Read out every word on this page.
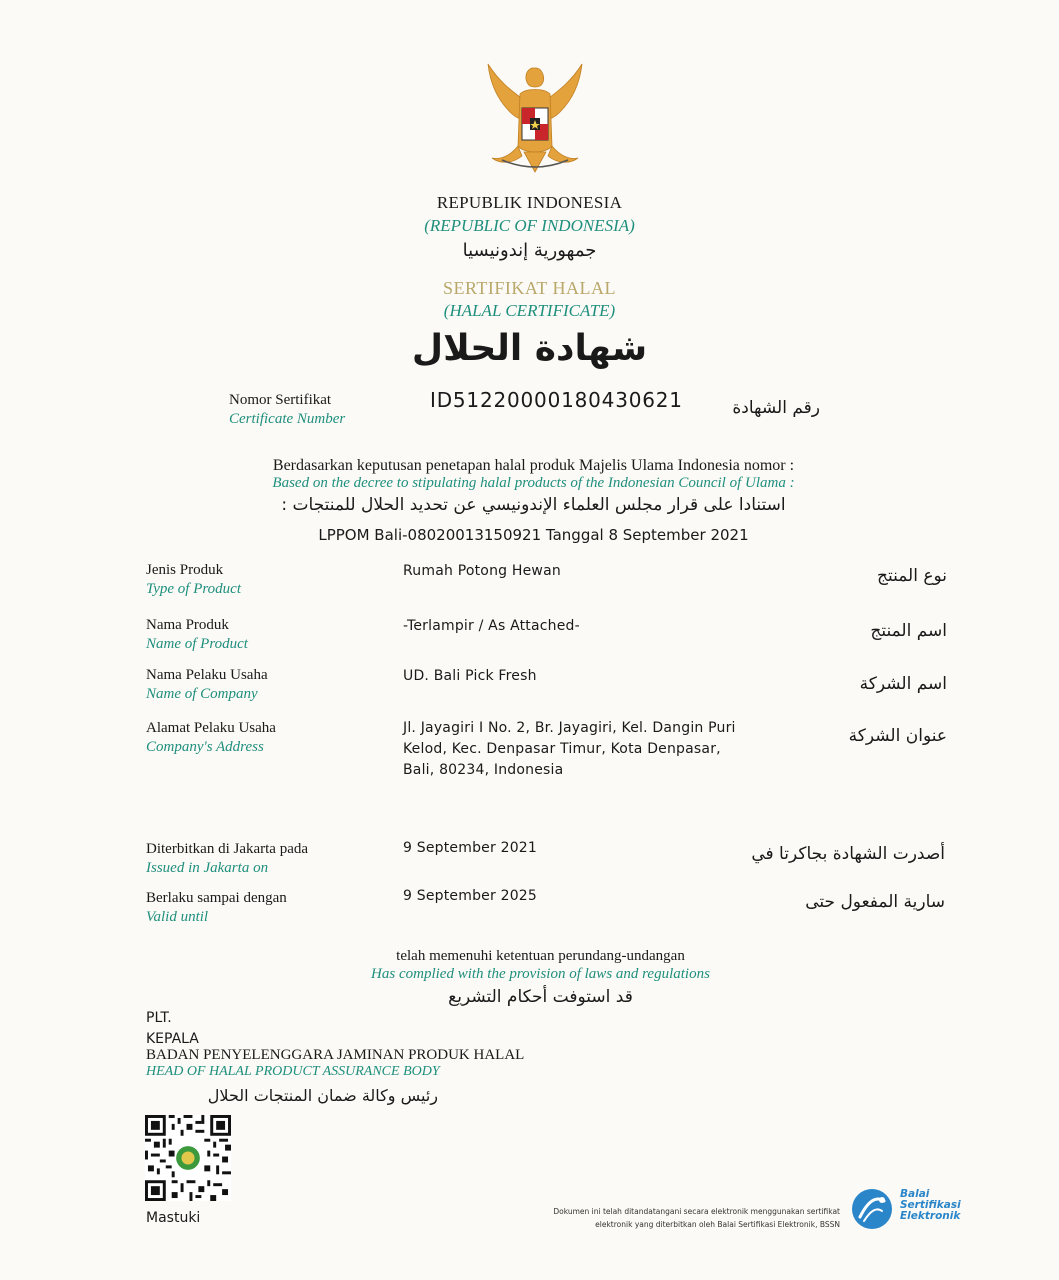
REPUBLIK INDONESIA
(REPUBLIC OF INDONESIA)
جمهورية إندونيسيا
SERTIFIKAT HALAL
(HALAL CERTIFICATE)
شهادة الحلال
Nomor Sertifikat
Certificate Number
ID51220000180430621	رقم الشهادة
Berdasarkan keputusan penetapan halal produk Majelis Ulama Indonesia nomor :
Based on the decree to stipulating halal products of the Indonesian Council of Ulama :
استنادا على قرار مجلس العلماء الإندونيسي عن تحديد الحلال للمنتجات :
LPPOM Bali-08020013150921 Tanggal 8 September 2021
Jenis Produk
Type of Product
Rumah Potong Hewan	نوع المنتج
Nama Produk
Name of Product
-Terlampir / As Attached-	اسم المنتج
Nama Pelaku Usaha
Name of Company
UD. Bali Pick Fresh	اسم الشركة
Alamat Pelaku Usaha
Company's Address
Jl. Jayagiri I No. 2, Br. Jayagiri, Kel. Dangin Puri
Kelod, Kec. Denpasar Timur, Kota Denpasar,
Bali, 80234, Indonesia
عنوان الشركة
Diterbitkan di Jakarta pada
Issued in Jakarta on
9 September 2021	أصدرت الشهادة بجاكرتا في
Berlaku sampai dengan
Valid until
9 September 2025	سارية المفعول حتى
telah memenuhi ketentuan perundang-undangan
Has complied with the provision of laws and regulations
قد استوفت أحكام التشريع
PLT.
KEPALA
BADAN PENYELENGGARA JAMINAN PRODUK HALAL
HEAD OF HALAL PRODUCT ASSURANCE BODY
رئيس وكالة ضمان المنتجات الحلال
Mastuki	Dokumen ini telah ditandatangani secara elektronik menggunakan sertifikat
elektronik yang diterbitkan oleh Balai Sertifikasi Elektronik, BSSN
Balai
Sertifikasi
Elektronik
